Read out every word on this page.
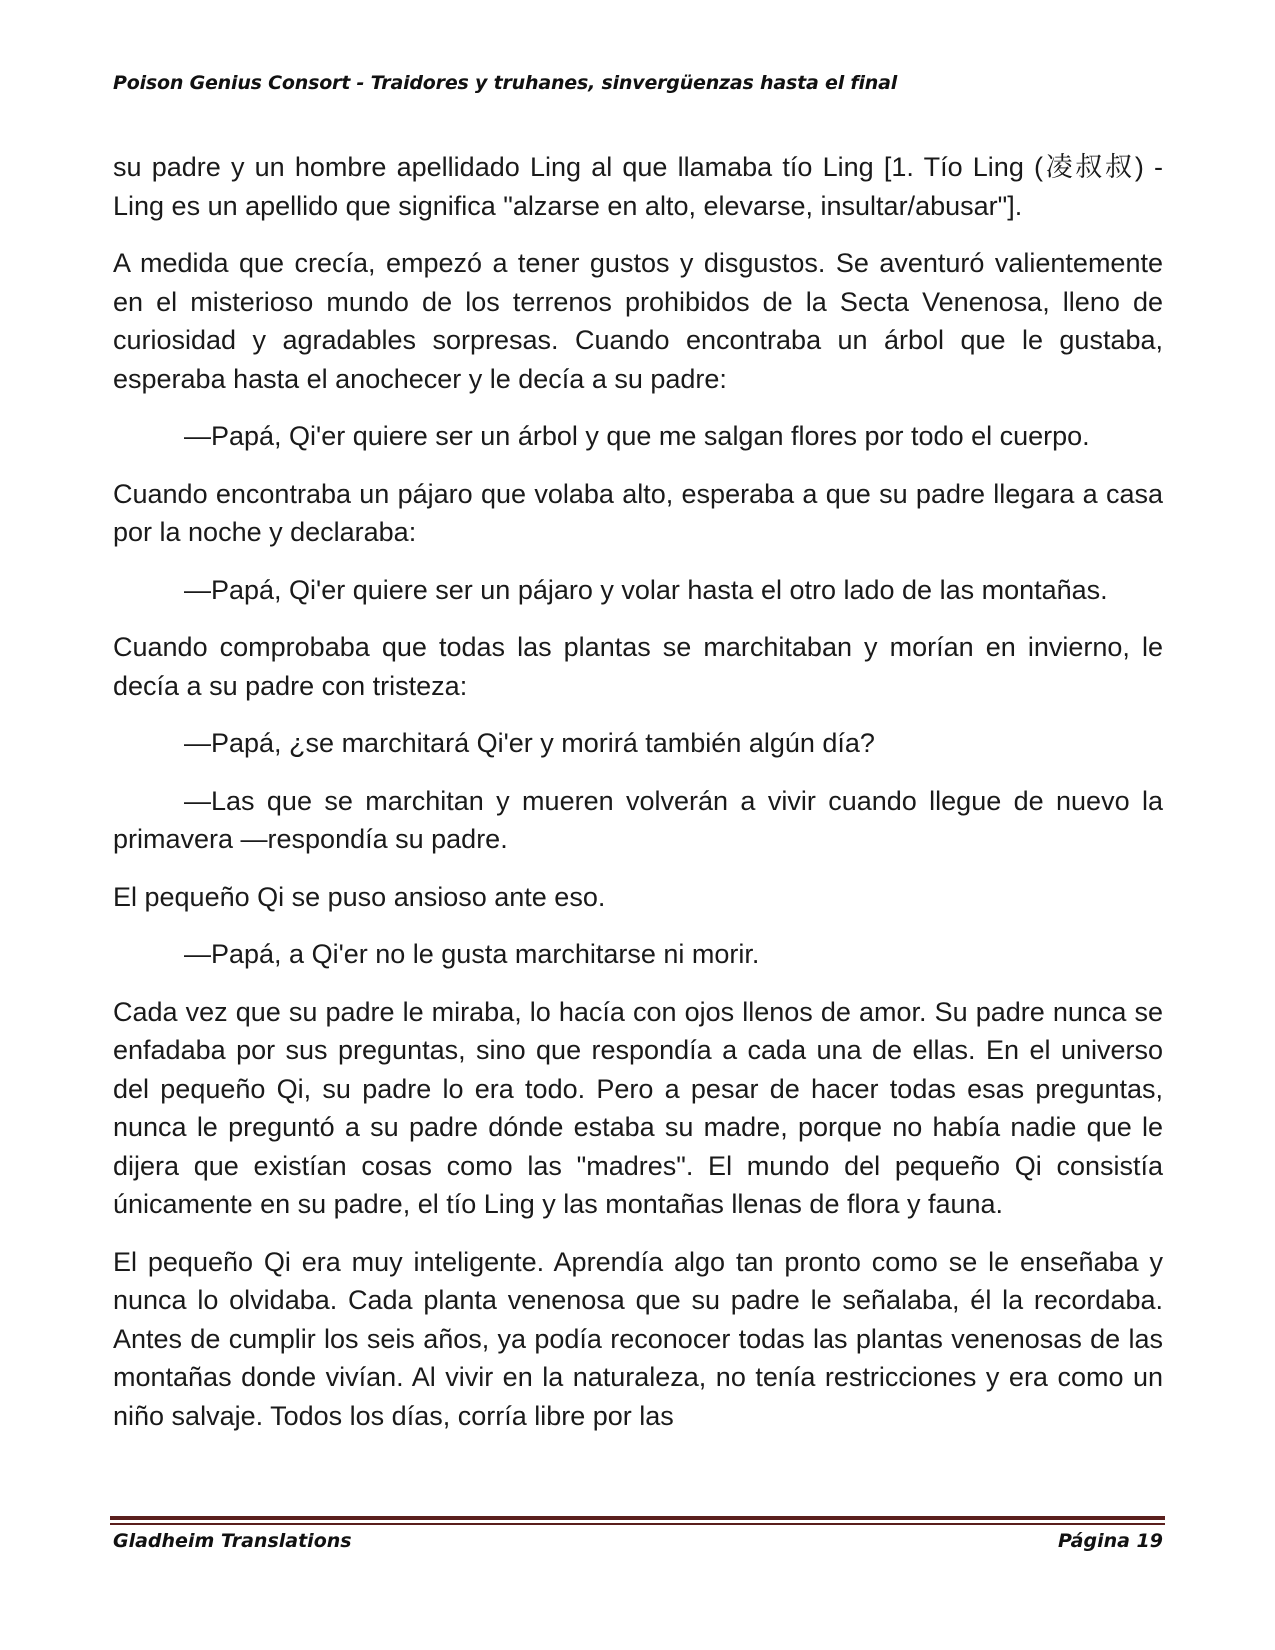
Poison Genius Consort - Traidores y truhanes, sinvergüenzas hasta el final

su padre y un hombre apellidado Ling al que llamaba tío Ling [1. Tío Ling (凌叔叔) - Ling es un apellido que significa "alzarse en alto, elevarse, insultar/abusar"].

A medida que crecía, empezó a tener gustos y disgustos. Se aventuró valientemente en el misterioso mundo de los terrenos prohibidos de la Secta Venenosa, lleno de curiosidad y agradables sorpresas. Cuando encontraba un árbol que le gustaba, esperaba hasta el anochecer y le decía a su padre:

—Papá, Qi'er quiere ser un árbol y que me salgan flores por todo el cuerpo.

Cuando encontraba un pájaro que volaba alto, esperaba a que su padre llegara a casa por la noche y declaraba:

—Papá, Qi'er quiere ser un pájaro y volar hasta el otro lado de las montañas.

Cuando comprobaba que todas las plantas se marchitaban y morían en invierno, le decía a su padre con tristeza:

—Papá, ¿se marchitará Qi'er y morirá también algún día?

—Las que se marchitan y mueren volverán a vivir cuando llegue de nuevo la primavera —respondía su padre.

El pequeño Qi se puso ansioso ante eso.

—Papá, a Qi'er no le gusta marchitarse ni morir.

Cada vez que su padre le miraba, lo hacía con ojos llenos de amor. Su padre nunca se enfadaba por sus preguntas, sino que respondía a cada una de ellas. En el universo del pequeño Qi, su padre lo era todo. Pero a pesar de hacer todas esas preguntas, nunca le preguntó a su padre dónde estaba su madre, porque no había nadie que le dijera que existían cosas como las "madres". El mundo del pequeño Qi consistía únicamente en su padre, el tío Ling y las montañas llenas de flora y fauna.

El pequeño Qi era muy inteligente. Aprendía algo tan pronto como se le enseñaba y nunca lo olvidaba. Cada planta venenosa que su padre le señalaba, él la recordaba. Antes de cumplir los seis años, ya podía reconocer todas las plantas venenosas de las montañas donde vivían. Al vivir en la naturaleza, no tenía restricciones y era como un niño salvaje. Todos los días, corría libre por las

Gladheim Translations	Página 19
